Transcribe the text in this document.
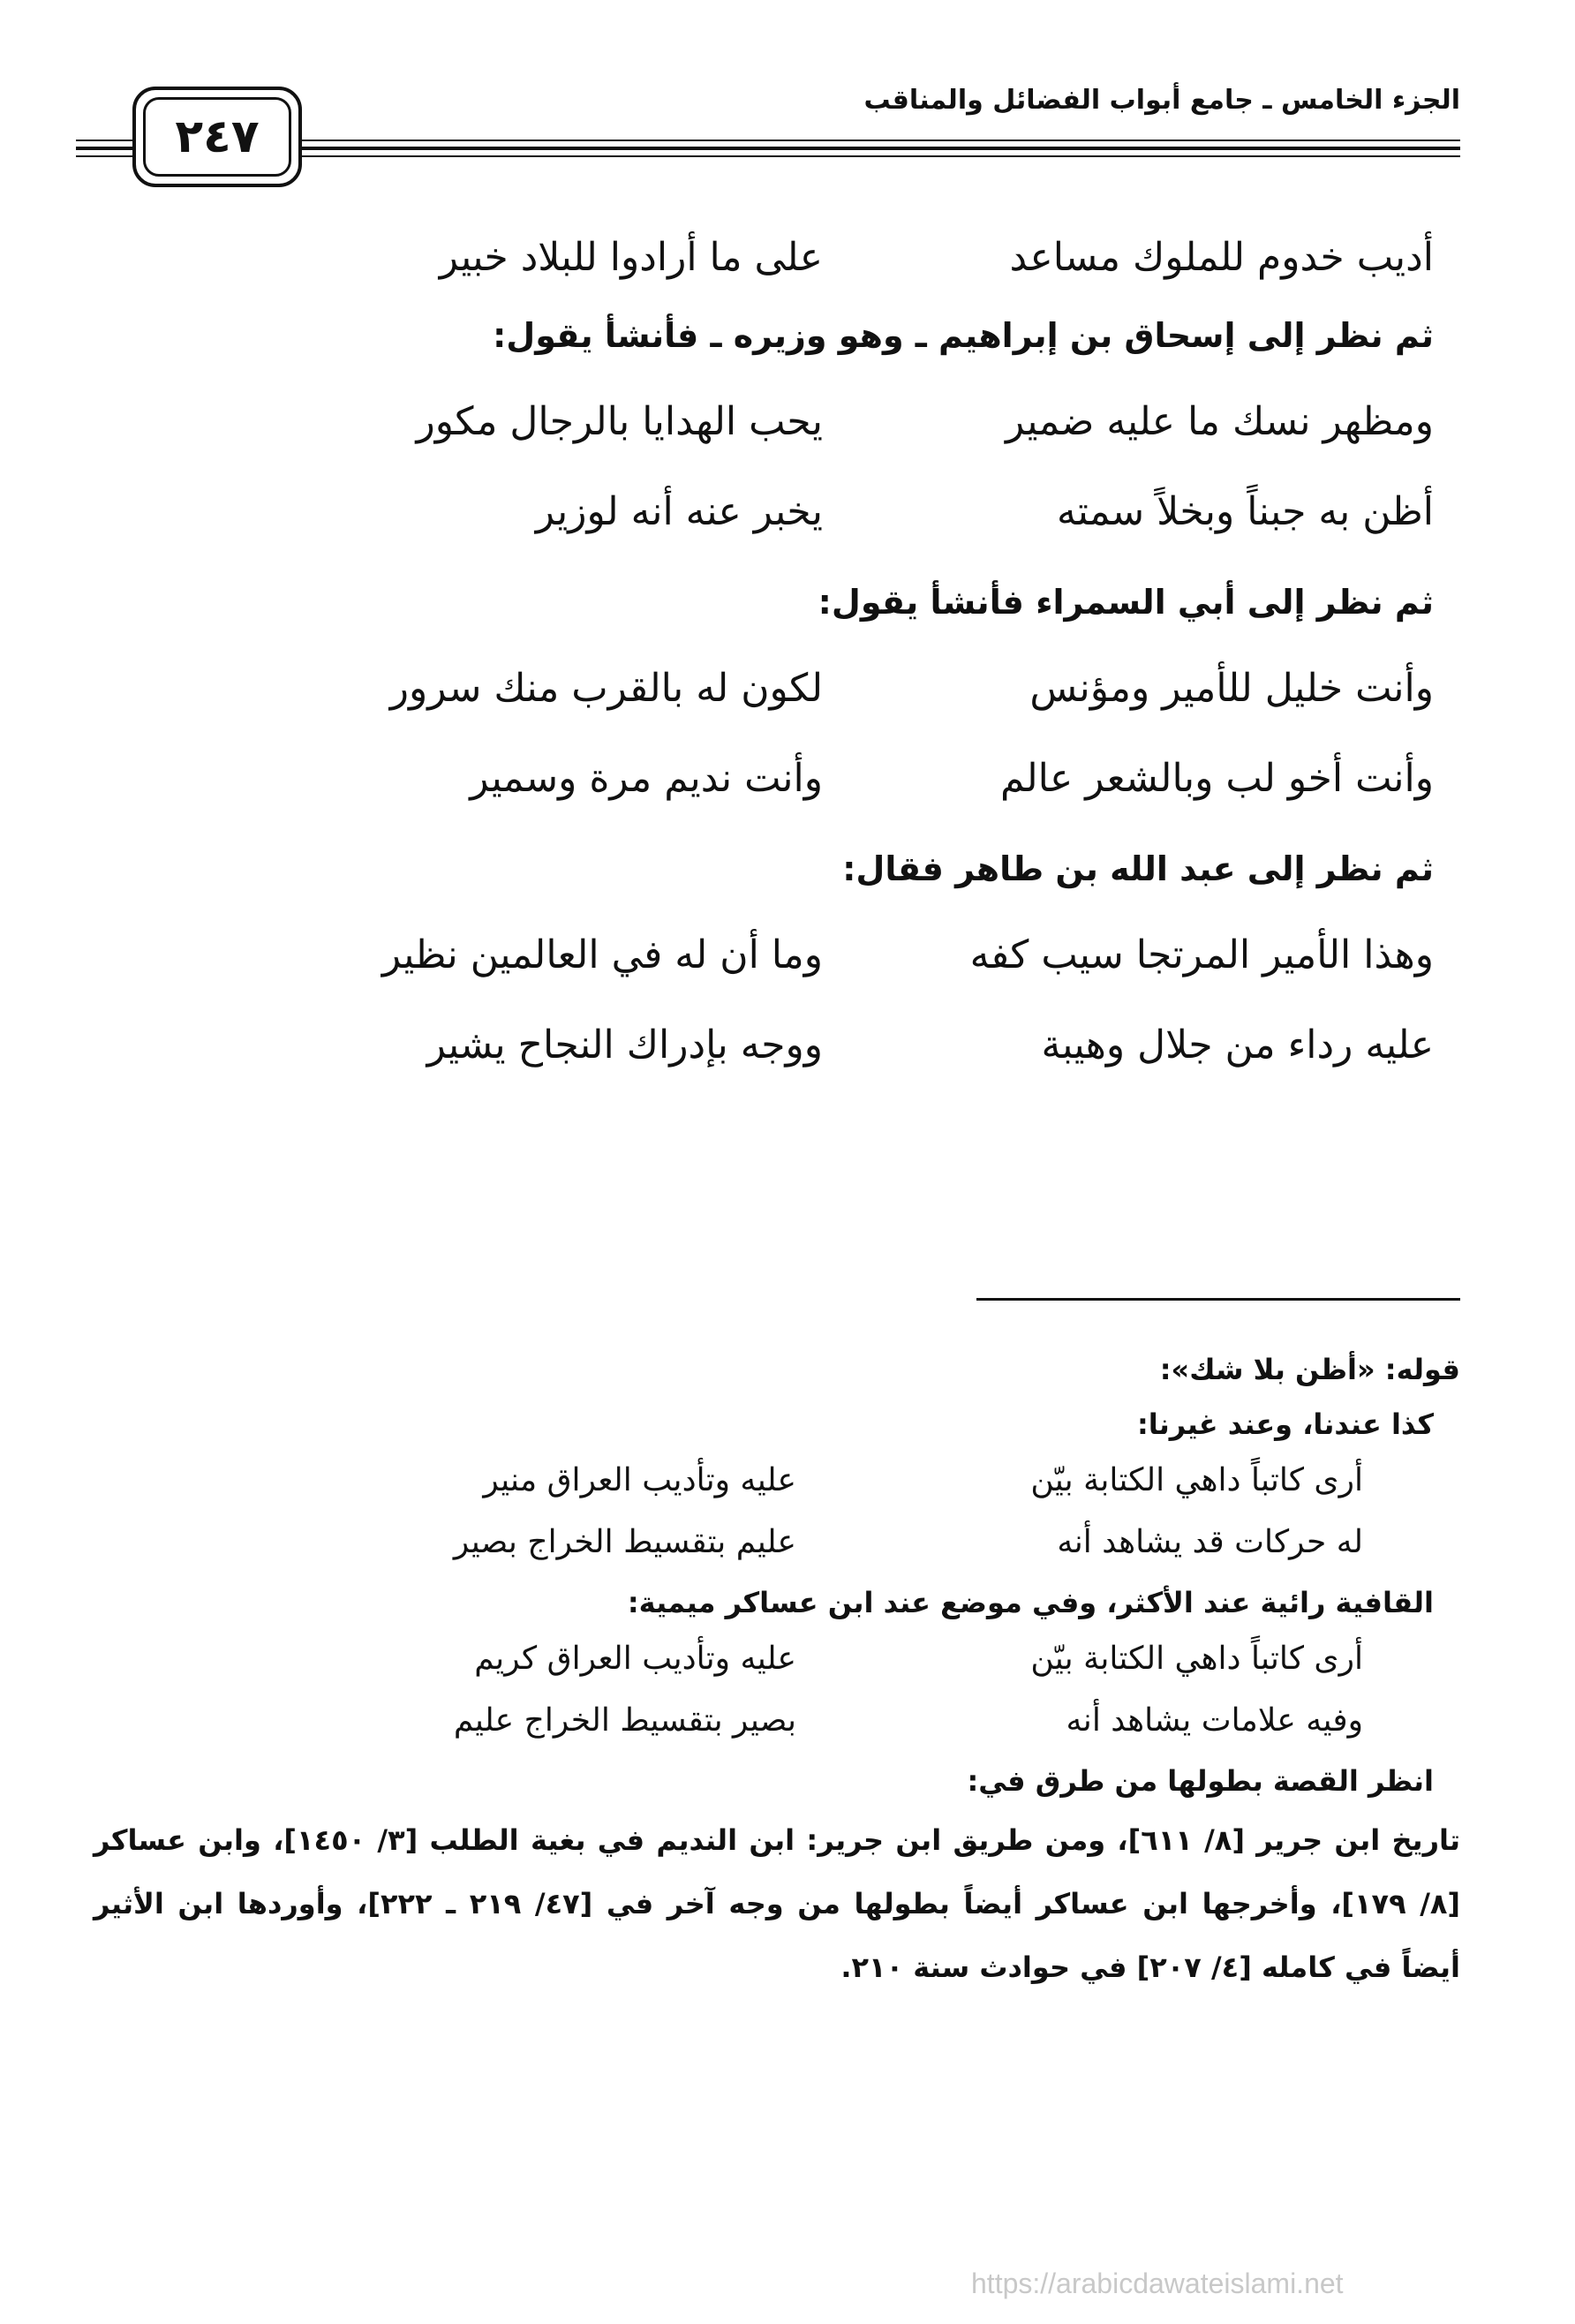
الجزء الخامس ـ جامع أبواب الفضائل والمناقب
٢٤٧
أديب خدوم للملوك مساعد
على ما أرادوا للبلاد خبير
ثم نظر إلى إسحاق بن إبراهيم ـ وهو وزيره ـ فأنشأ يقول:
ومظهر نسك ما عليه ضمير
يحب الهدايا بالرجال مكور
أظن به جبناً وبخلاً سمته
يخبر عنه أنه لوزير
ثم نظر إلى أبي السمراء فأنشأ يقول:
وأنت خليل للأمير ومؤنس
لكون له بالقرب منك سرور
وأنت أخو لب وبالشعر عالم
وأنت نديم مرة وسمير
ثم نظر إلى عبد الله بن طاهر فقال:
وهذا الأمير المرتجا سيب كفه
وما أن له في العالمين نظير
عليه رداء من جلال وهيبة
ووجه بإدراك النجاح يشير
قوله: «أظن بلا شك»:
كذا عندنا، وعند غيرنا:
أرى كاتباً داهي الكتابة بيّن
عليه وتأديب العراق منير
له حركات قد يشاهد أنه
عليم بتقسيط الخراج بصير
القافية رائية عند الأكثر، وفي موضع عند ابن عساكر ميمية:
أرى كاتباً داهي الكتابة بيّن
عليه وتأديب العراق كريم
وفيه علامات يشاهد أنه
بصير بتقسيط الخراج عليم
انظر القصة بطولها من طرق في:
تاريخ ابن جرير [٨/ ٦١١]، ومن طريق ابن جرير: ابن النديم في بغية الطلب [٣/ ١٤٥٠]، وابن عساكر [٨/ ١٧٩]، وأخرجها ابن عساكر أيضاً بطولها من وجه آخر في [٤٧/ ٢١٩ ـ ٢٢٢]، وأوردها ابن الأثير أيضاً في كامله [٤/ ٢٠٧] في حوادث سنة ٢١٠.
https://arabicdawateislami.net
